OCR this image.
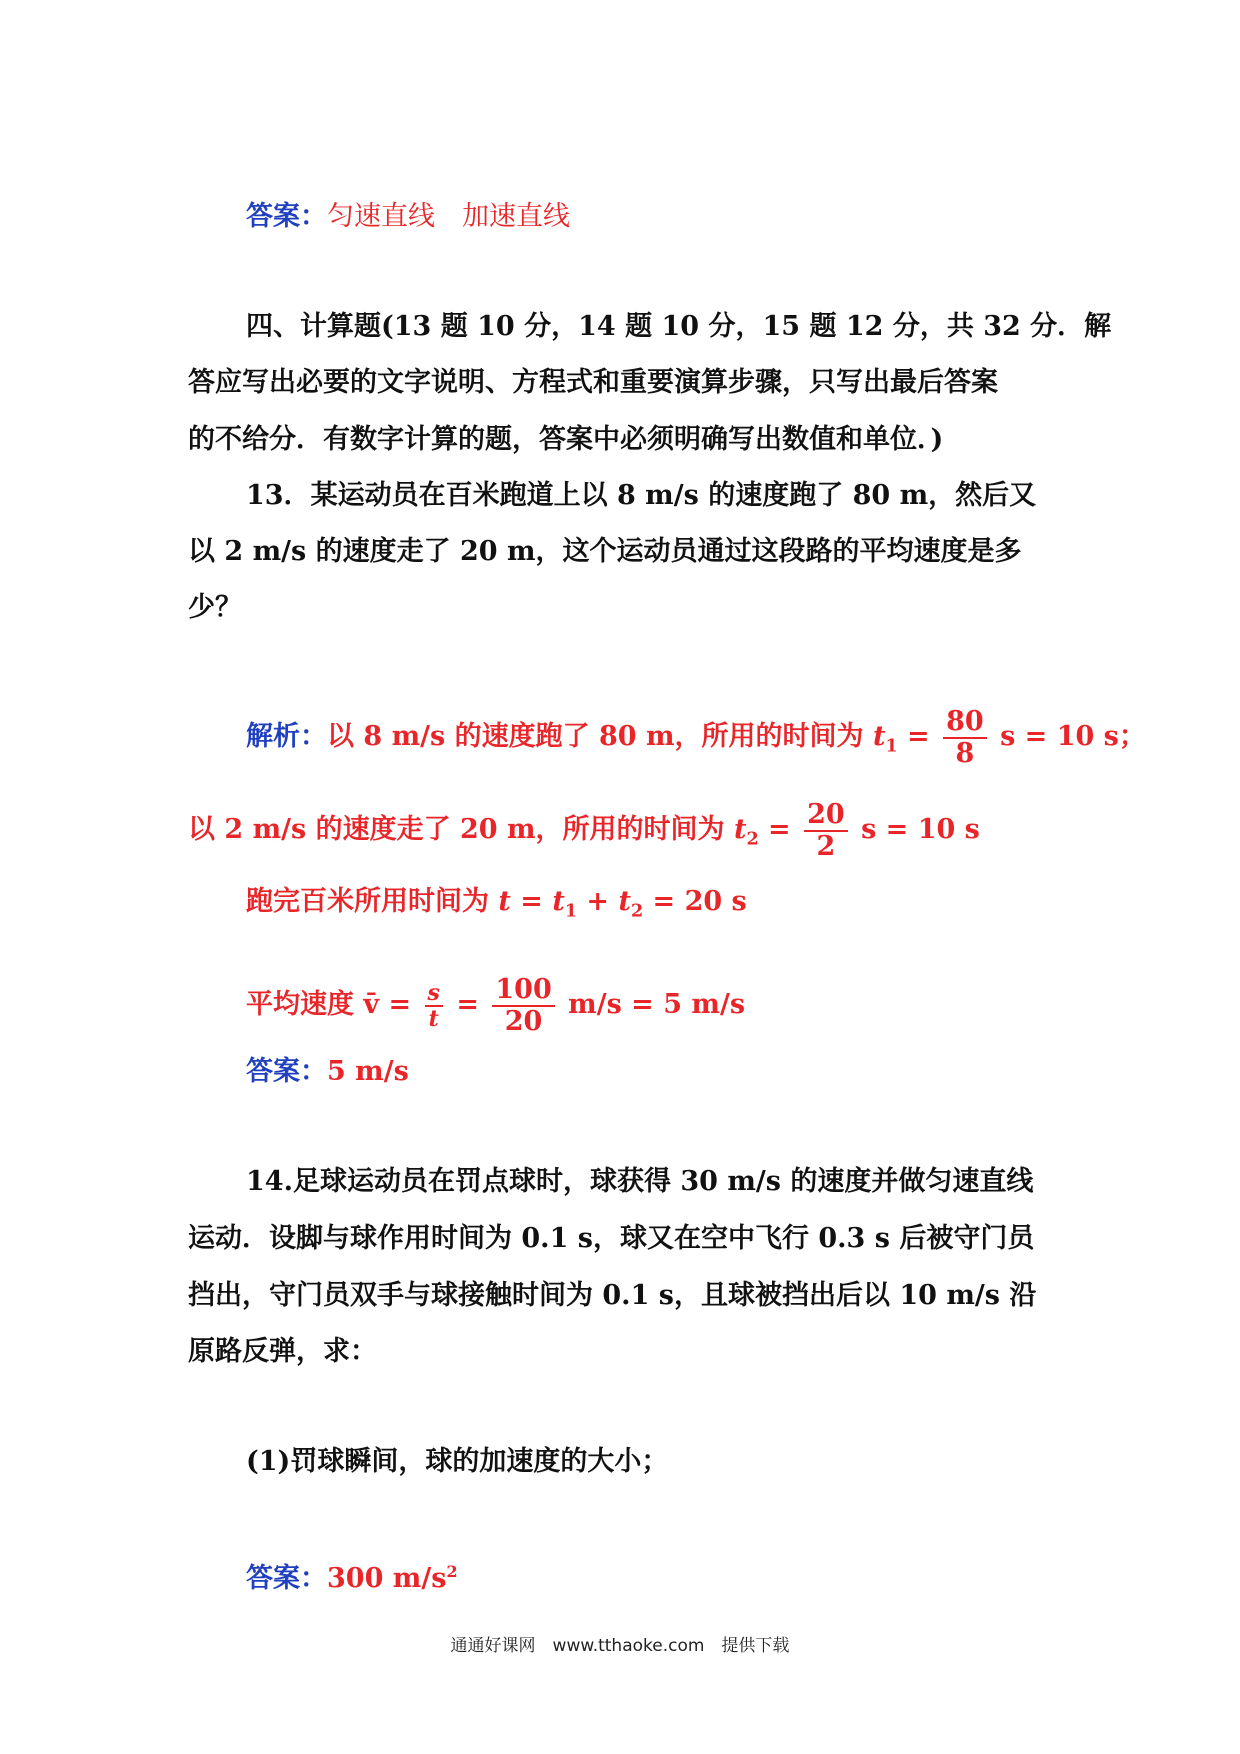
答案：匀速直线　加速直线
四、计算题(13 题 10 分，14 题 10 分，15 题 12 分，共 32 分．解
答应写出必要的文字说明、方程式和重要演算步骤，只写出最后答案
的不给分．有数字计算的题，答案中必须明确写出数值和单位．)
13．某运动员在百米跑道上以 8 m/s 的速度跑了 80 m，然后又
以 2 m/s 的速度走了 20 m，这个运动员通过这段路的平均速度是多
少？
解析：以 8 m/s 的速度跑了 80 m，所用的时间为 $t_1 = \frac{80}{8}$ s = 10 s；
以 2 m/s 的速度走了 20 m，所用的时间为 $t_2 = \frac{20}{2}$ s = 10 s
跑完百米所用时间为 $t = t_1 + t_2 = 20$ s
平均速度 v̄ = $\frac{s}{t} = \frac{100}{20} m/s = 5$ m/s
答案：5 m/s
14.足球运动员在罚点球时，球获得 30 m/s 的速度并做匀速直线
运动．设脚与球作用时间为 0.1 s，球又在空中飞行 0.3 s 后被守门员
挡出，守门员双手与球接触时间为 0.1 s，且球被挡出后以 10 m/s 沿
原路反弹，求：
(1)罚球瞬间，球的加速度的大小；
答案：300 $m/s^2$
通通好课网　www.tthaoke.com　提供下载
